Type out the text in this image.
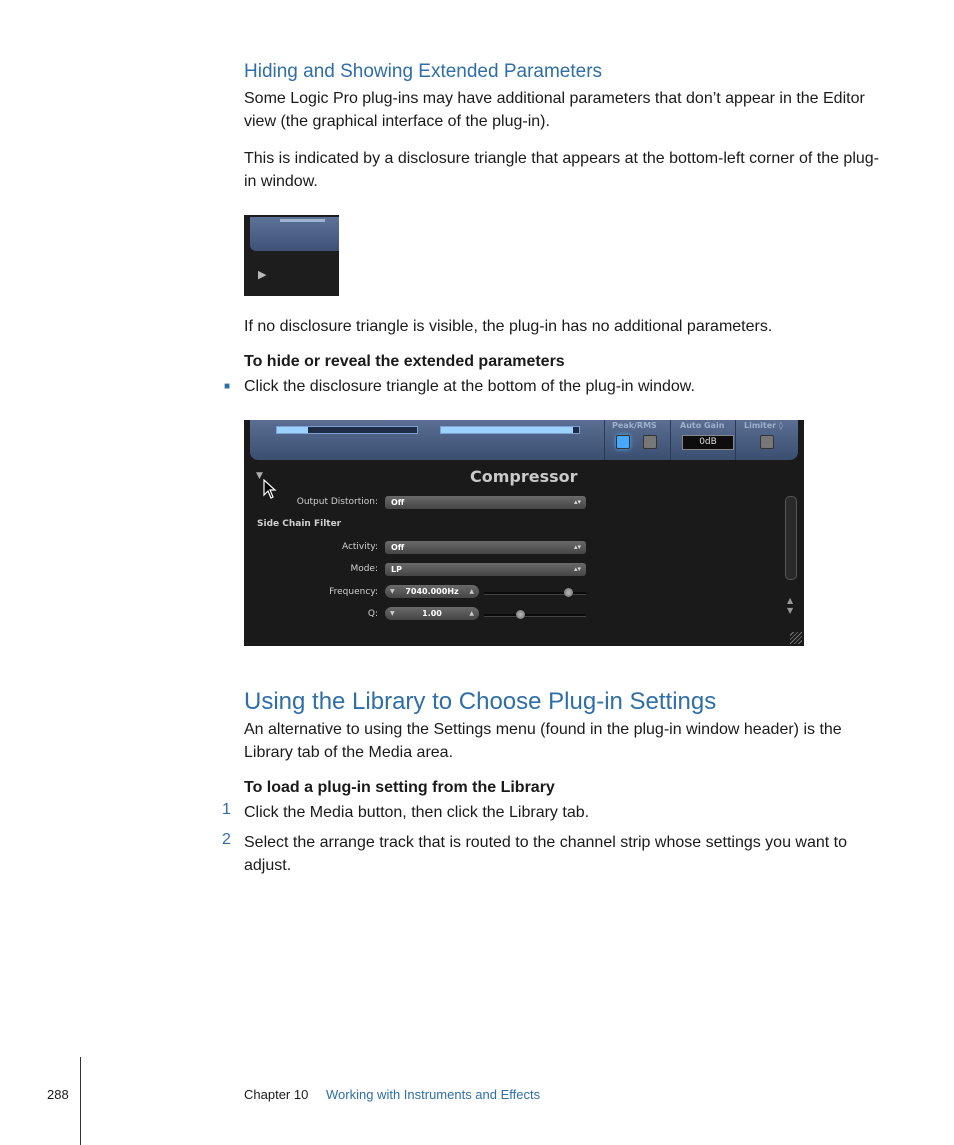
Hiding and Showing Extended Parameters

Some Logic Pro plug-ins may have additional parameters that don’t appear in the Editor view (the graphical interface of the plug-in).

This is indicated by a disclosure triangle that appears at the bottom-left corner of the plug-in window.

▶

If no disclosure triangle is visible, the plug-in has no additional parameters.

To hide or reveal the extended parameters

■ Click the disclosure triangle at the bottom of the plug-in window.

Peak/RMS	Auto Gain Limiter ◊
0dB
▼	Compressor
Output Distortion:	Off	▴▾
Side Chain Filter
Activity:	Off	▴▾
Mode:	LP	▴▾
Frequency: ▼ 7040.000Hz ▲
Q: ▼	1.00	▲
▲
▼
Using the Library to Choose Plug-in Settings

An alternative to using the Settings menu (found in the plug-in window header) is the Library tab of the Media area.

To load a plug-in setting from the Library

1 Click the Media button, then click the Library tab.

2 Select the arrange track that is routed to the channel strip whose settings you want to adjust.

288	Chapter 10 Working with Instruments and Effects
